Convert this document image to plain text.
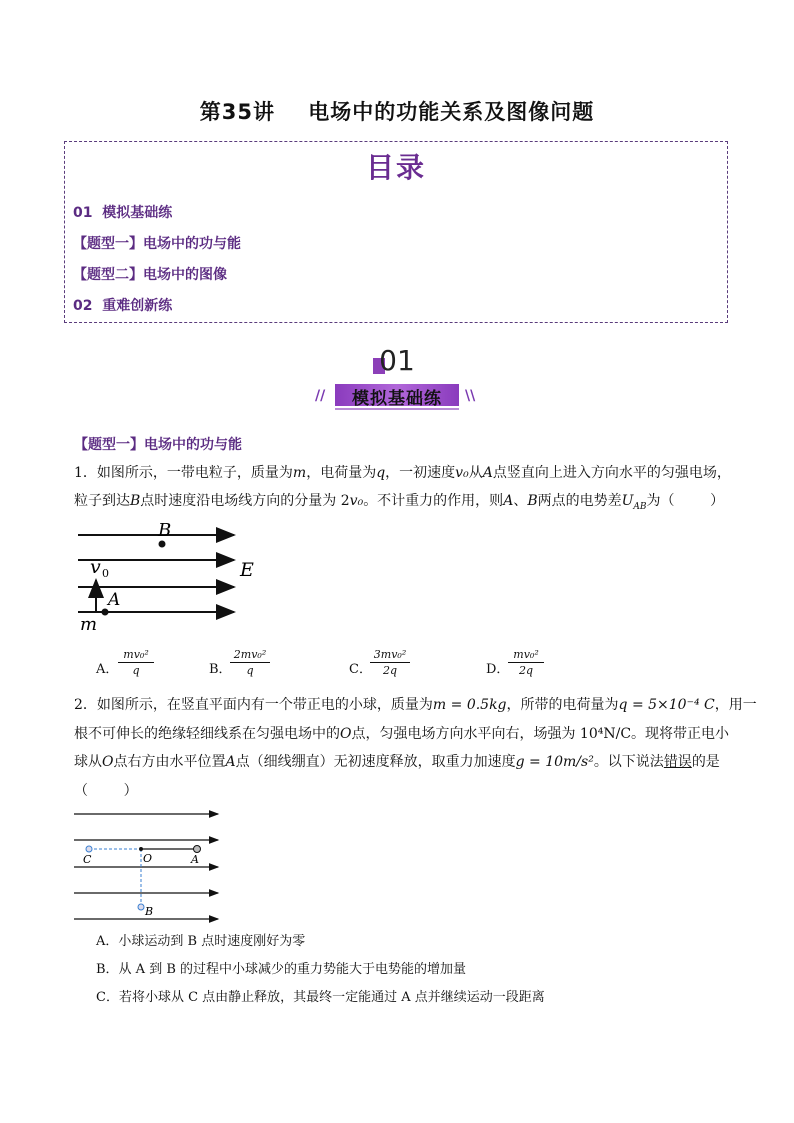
第35讲    电场中的功能关系及图像问题
目录
01  模拟基础练
【题型一】电场中的功与能
【题型二】电场中的图像
02  重难创新练
01
模拟基础练
//	\\
【题型一】电场中的功与能
1．如图所示，一带电粒子，质量为m，电荷量为q，一初速度v₀从A点竖直向上进入方向水平的匀强电场，
粒子到达B点时速度沿电场线方向的分量为 2v₀。不计重力的作用，则A、B两点的电势差$U_{AB}$为（        ）
B
v 0	E
A
m
A． $\frac{\text{mv₀²}}{q}$	B．
$\frac{\text{2mv₀²}}{q}$	C．
$\frac{\text{3mv₀²}}{2q}$	D．
$\frac{\text{mv₀²}}{2q}$
2．如图所示，在竖直平面内有一个带正电的小球，质量为m = 0.5kg，所带的电荷量为q = 5×10⁻⁴ C，用一
根不可伸长的绝缘轻细线系在匀强电场中的O点，匀强电场方向水平向右，场强为 10⁴N/C。现将带正电小
球从O点右方由水平位置A点（细线绷直）无初速度释放，取重力加速度g = 10m/s²。以下说法错误的是
（        ）
C	O	A
B
A．小球运动到 B 点时速度刚好为零
B．从 A 到 B 的过程中小球减少的重力势能大于电势能的增加量
C．若将小球从 C 点由静止释放，其最终一定能通过 A 点并继续运动一段距离
